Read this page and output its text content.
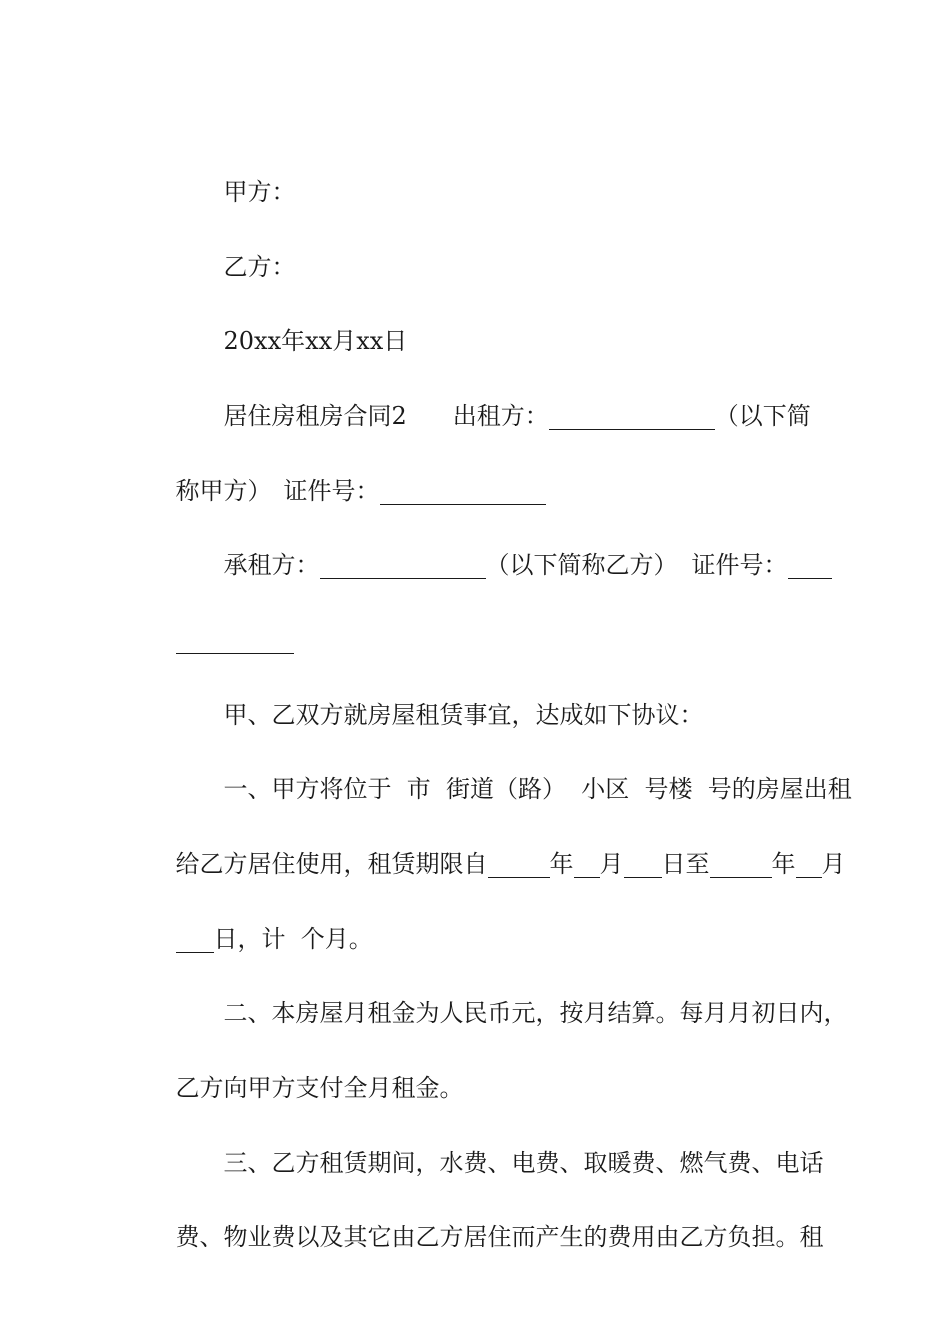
甲方：

乙方：

20xx年xx月xx日

居住房租房合同2 出租方：	（以下简

称甲方） 证件号：

承租方：	（以下简称乙方） 证件号：

甲、乙双方就房屋租赁事宜，达成如下协议：

一、甲方将位于  市  街道（路）  小区  号楼  号的房屋出租

给乙方居住使用，租赁期限自	年 月 日至	年 月

日，计  个月。

二、本房屋月租金为人民币元，按月结算。每月月初日内，

乙方向甲方支付全月租金。

三、乙方租赁期间，水费、电费、取暖费、燃气费、电话

费、物业费以及其它由乙方居住而产生的费用由乙方负担。租
